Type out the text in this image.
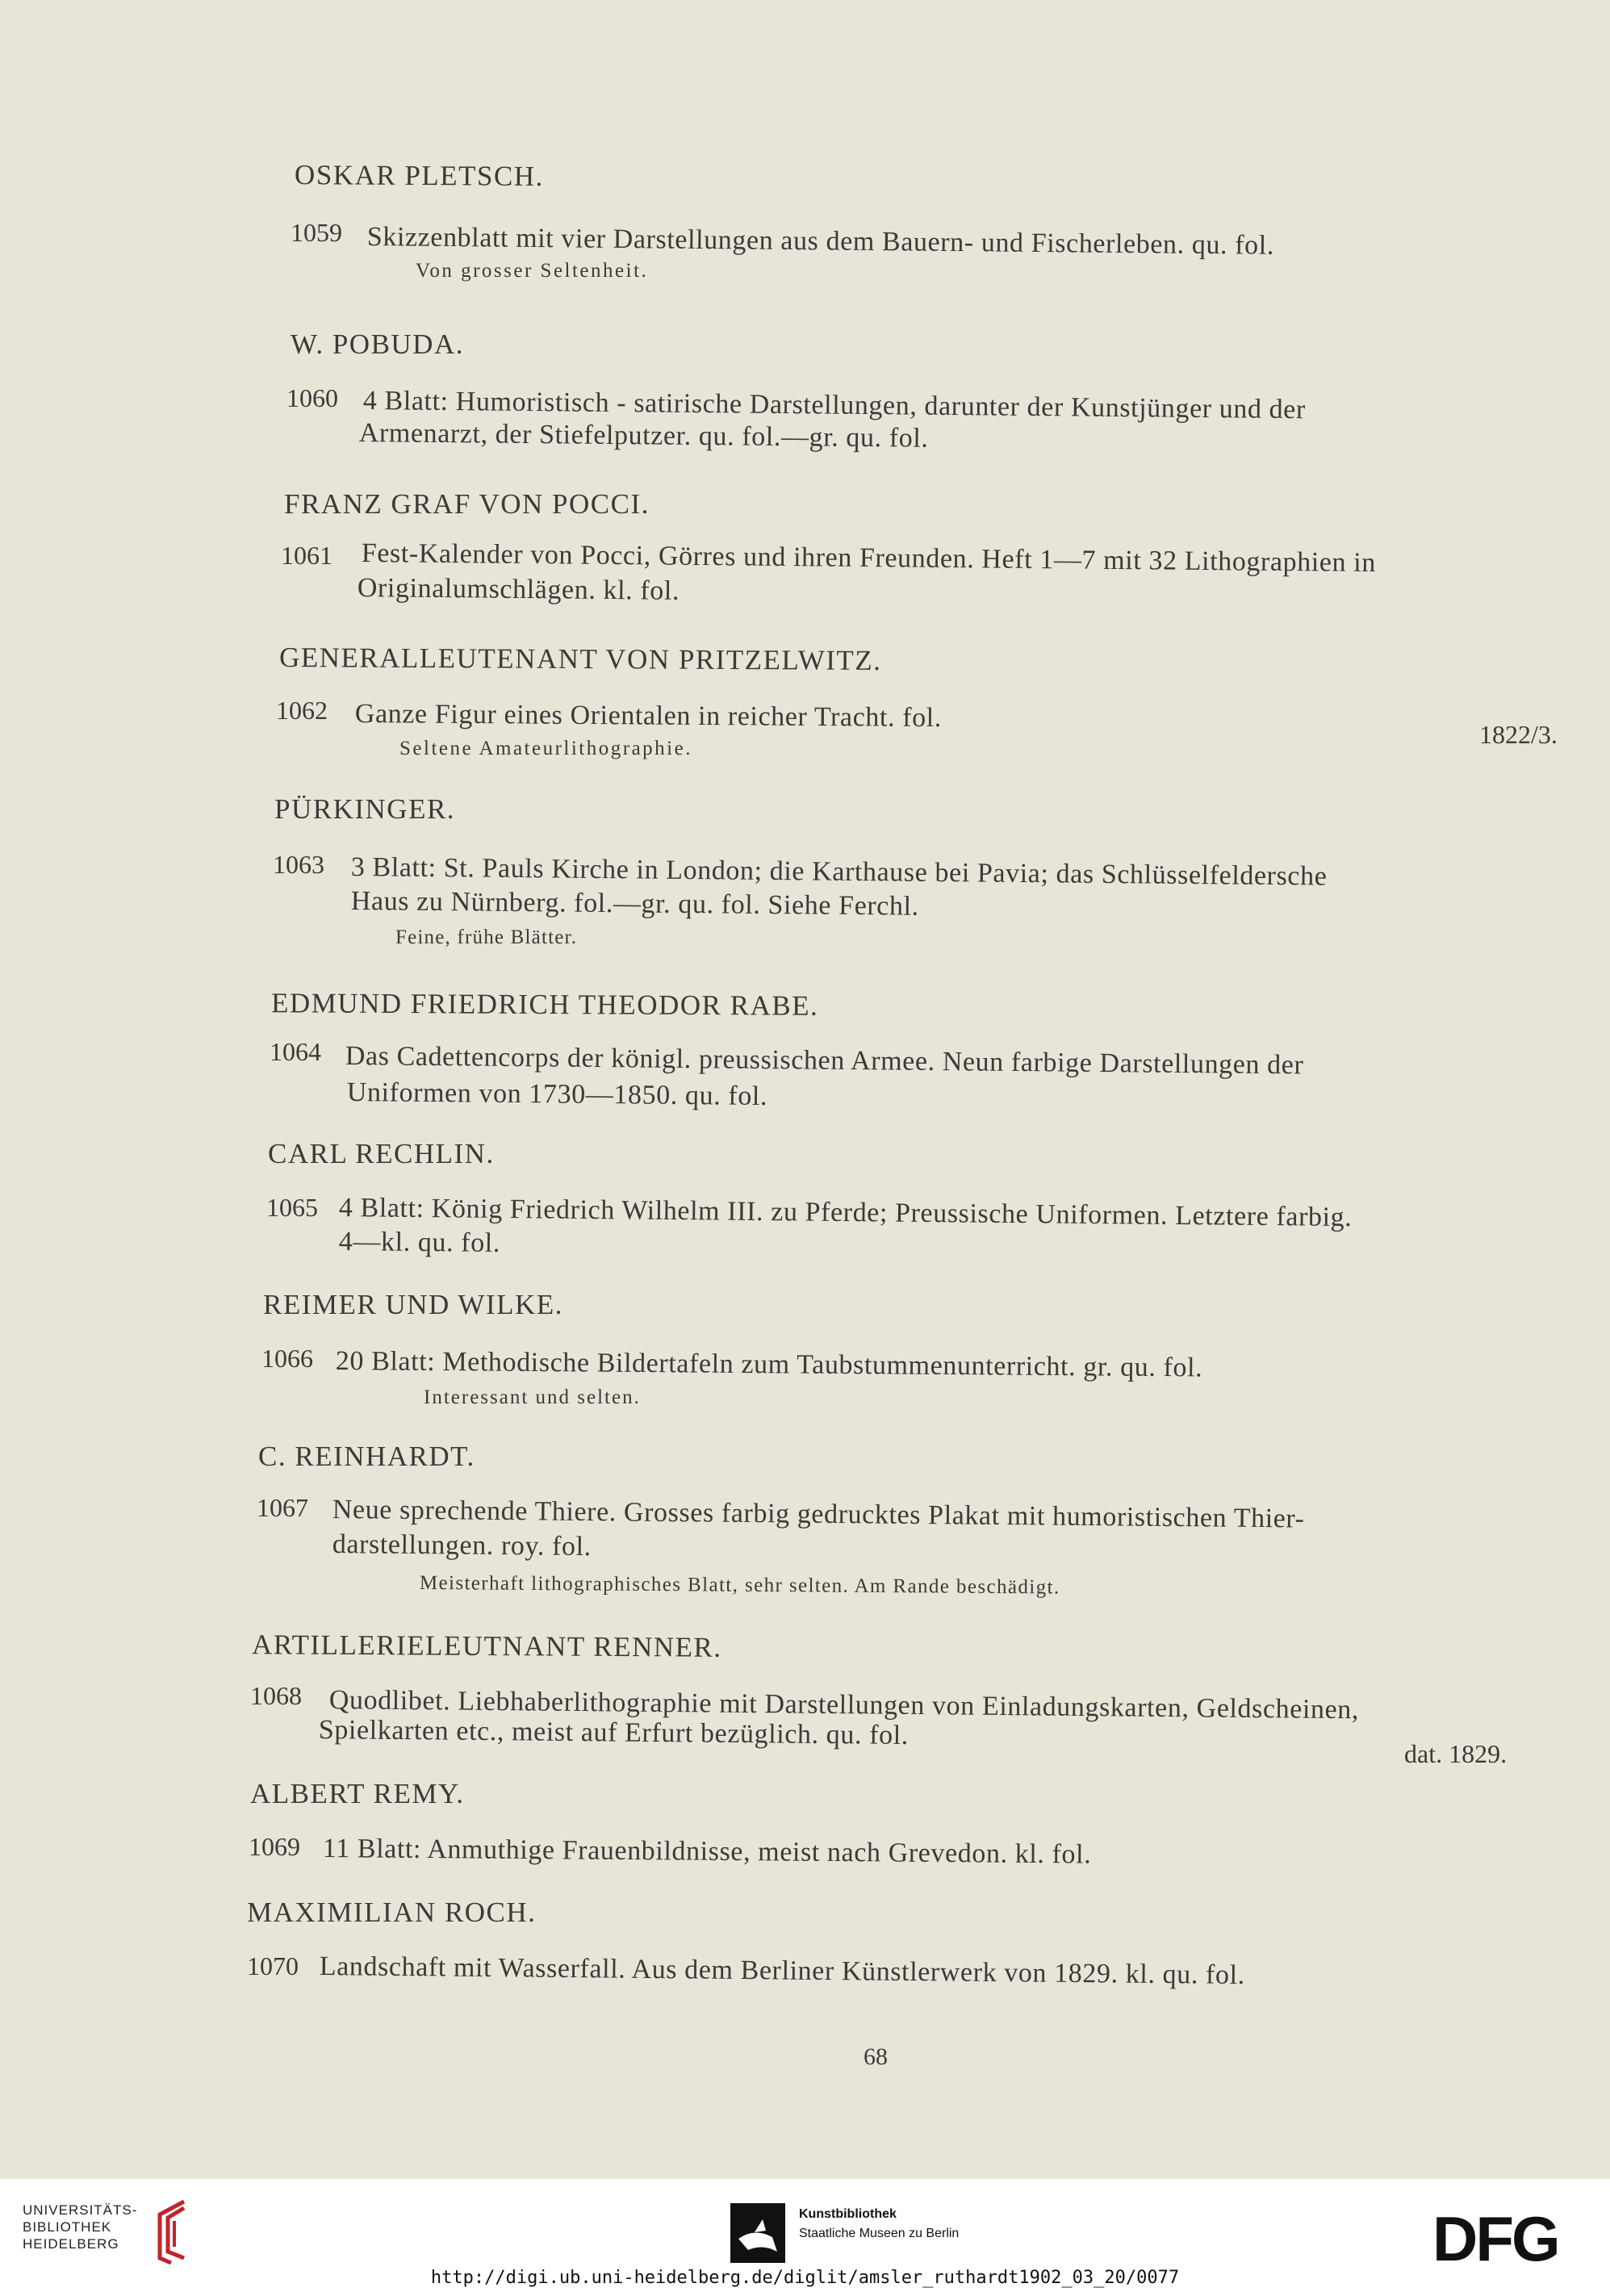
OSKAR PLETSCH.
1059 Skizzenblatt mit vier Darstellungen aus dem Bauern- und Fischerleben. qu. fol.
Von grosser Seltenheit.
W. POBUDA.
1060 4 Blatt: Humoristisch - satirische Darstellungen, darunter der Kunstjünger und der
Armenarzt, der Stiefelputzer. qu. fol.—gr. qu. fol.
FRANZ GRAF VON POCCI.
1061 Fest-Kalender von Pocci, Görres und ihren Freunden. Heft 1—7 mit 32 Lithographien in
Originalumschlägen. kl. fol.
GENERALLEUTENANT VON PRITZELWITZ.
1062 Ganze Figur eines Orientalen in reicher Tracht. fol.
1822/3.
Seltene Amateurlithographie.
PÜRKINGER.
1063 3 Blatt: St. Pauls Kirche in London; die Karthause bei Pavia; das Schlüsselfeldersche
Haus zu Nürnberg. fol.—gr. qu. fol. Siehe Ferchl.
Feine, frühe Blätter.
EDMUND FRIEDRICH THEODOR RABE.
1064 Das Cadettencorps der königl. preussischen Armee. Neun farbige Darstellungen der
Uniformen von 1730—1850. qu. fol.
CARL RECHLIN.
1065 4 Blatt: König Friedrich Wilhelm III. zu Pferde; Preussische Uniformen. Letztere farbig.
4—kl. qu. fol.
REIMER UND WILKE.
1066 20 Blatt: Methodische Bildertafeln zum Taubstummenunterricht. gr. qu. fol.
Interessant und selten.
C. REINHARDT.
1067 Neue sprechende Thiere. Grosses farbig gedrucktes Plakat mit humoristischen Thier-
darstellungen. roy. fol.
Meisterhaft lithographisches Blatt, sehr selten. Am Rande beschädigt.
ARTILLERIELEUTNANT RENNER.
1068 Quodlibet. Liebhaberlithographie mit Darstellungen von Einladungskarten, Geldscheinen,
Spielkarten etc., meist auf Erfurt bezüglich. qu. fol.
dat. 1829.
ALBERT REMY.
1069 11 Blatt: Anmuthige Frauenbildnisse, meist nach Grevedon. kl. fol.
MAXIMILIAN ROCH.
1070 Landschaft mit Wasserfall. Aus dem Berliner Künstlerwerk von 1829. kl. qu. fol.
68
UNIVERSITÄTS-
BIBLIOTHEK
HEIDELBERG
Kunstbibliothek
Staatliche Museen zu Berlin	DFG
http://digi.ub.uni-heidelberg.de/diglit/amsler_ruthardt1902_03_20/0077
